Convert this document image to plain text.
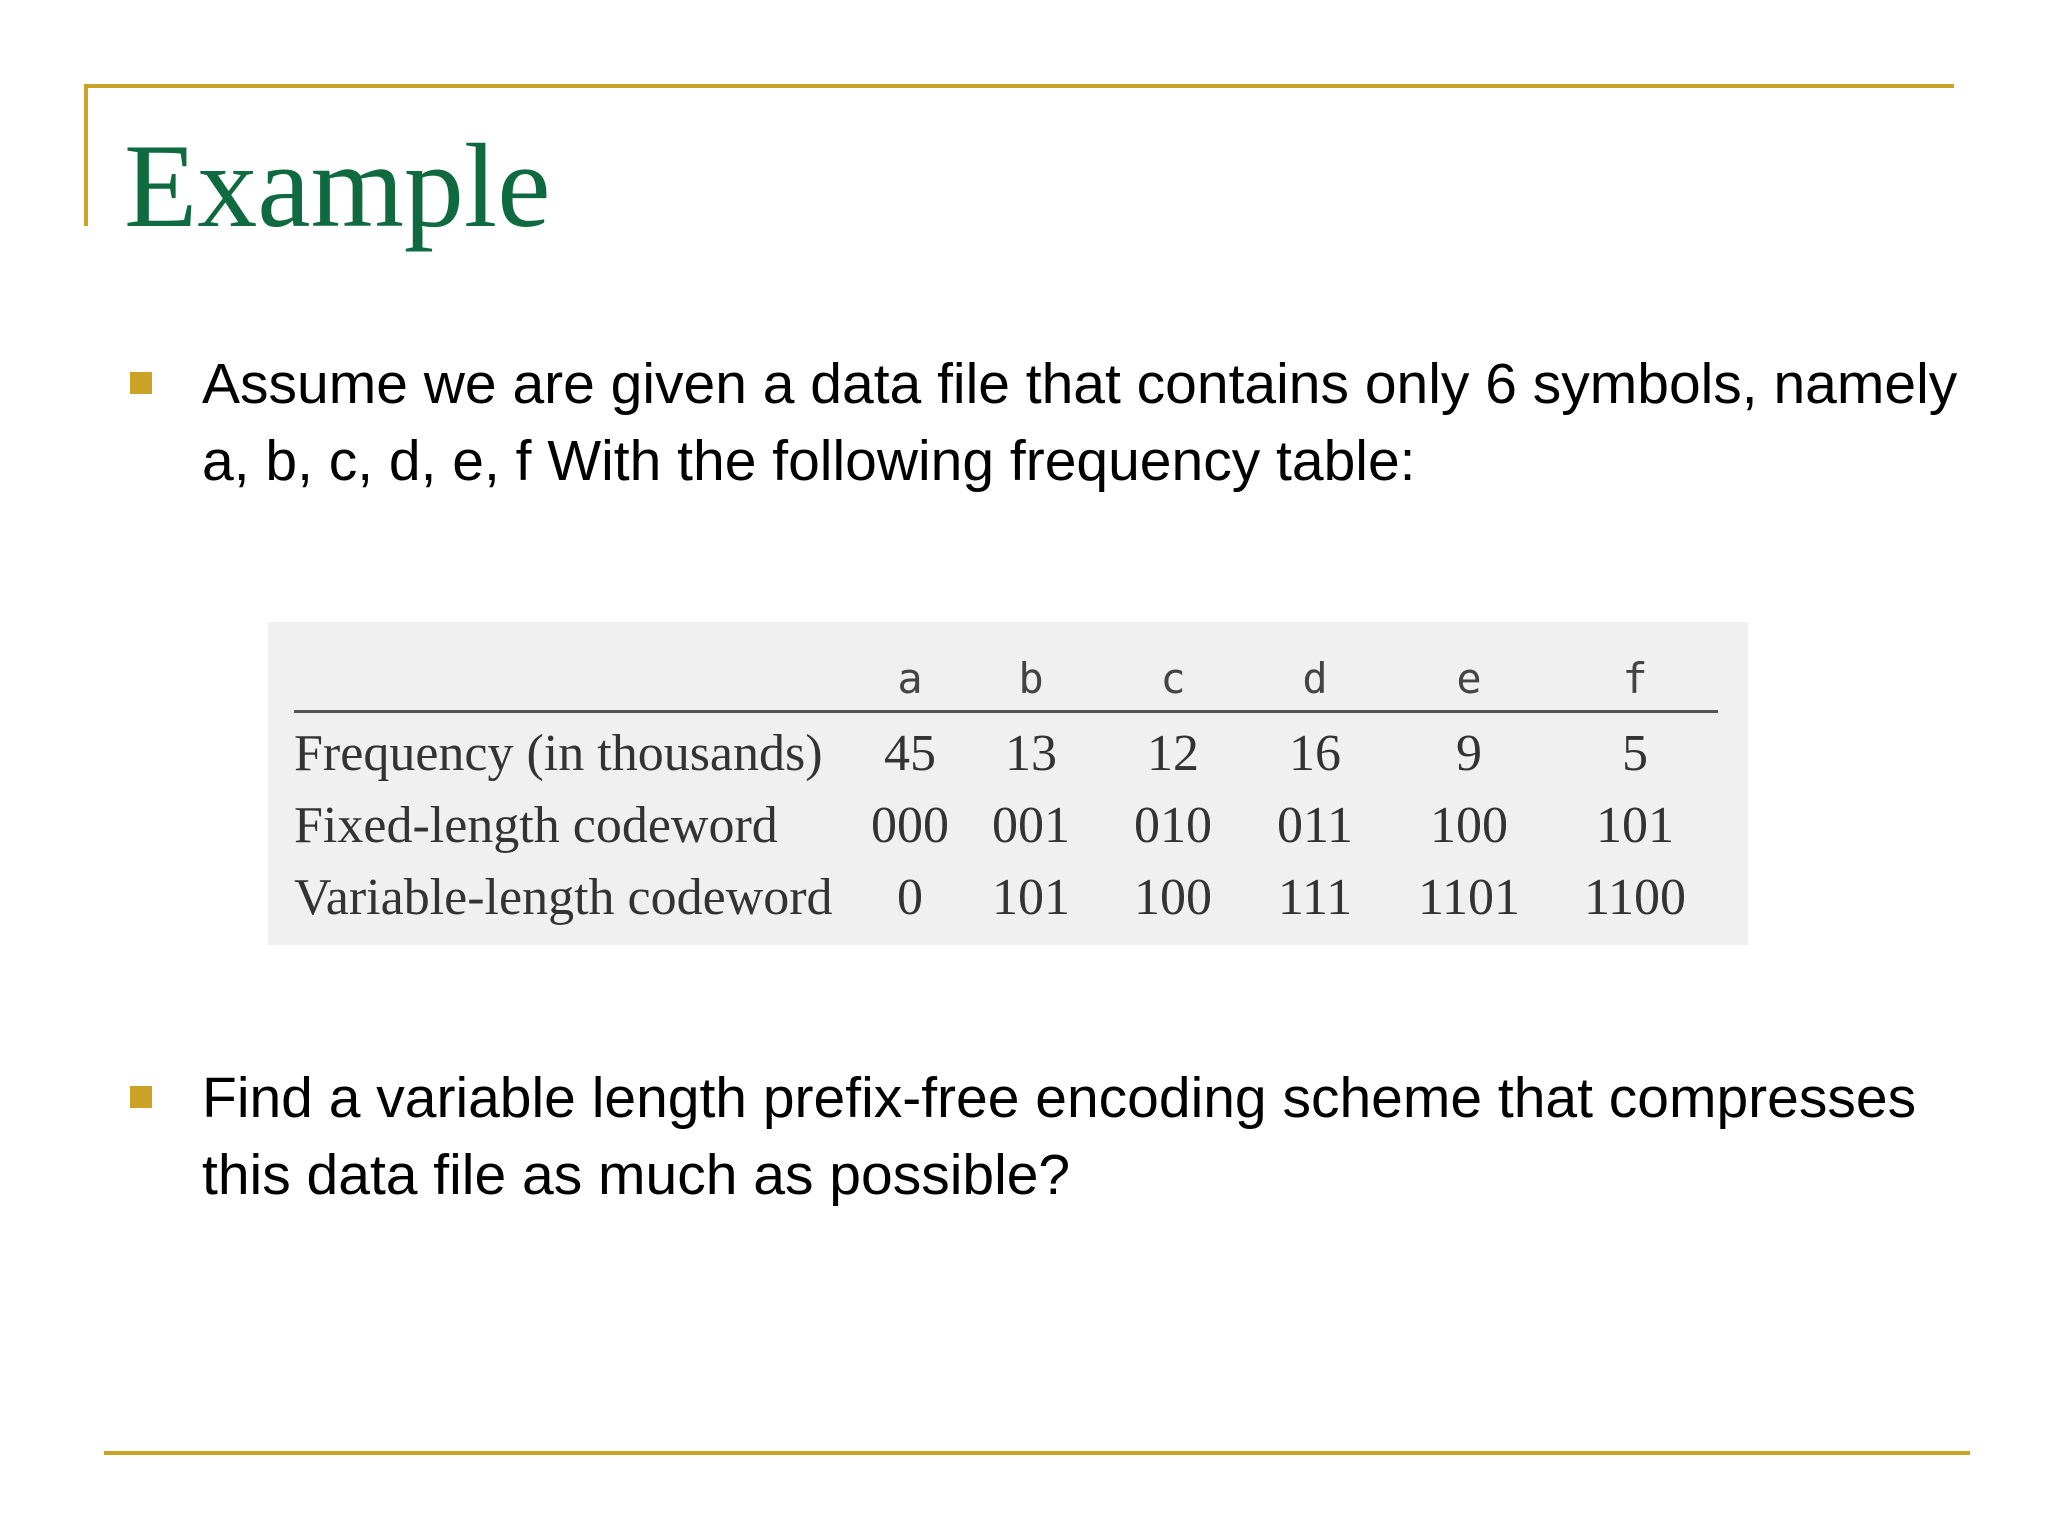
Example

Assume we are given a data file that contains only 6 symbols, namely a, b, c, d, e, f With the following frequency table:

	a	b	c	d	e	f
Frequency (in thousands)	45	13	12	16	9	5
Fixed-length codeword	000	001	010	011	100	101
Variable-length codeword	0	101	100	111	1101	1100

Find a variable length prefix-free encoding scheme that compresses this data file as much as possible?
